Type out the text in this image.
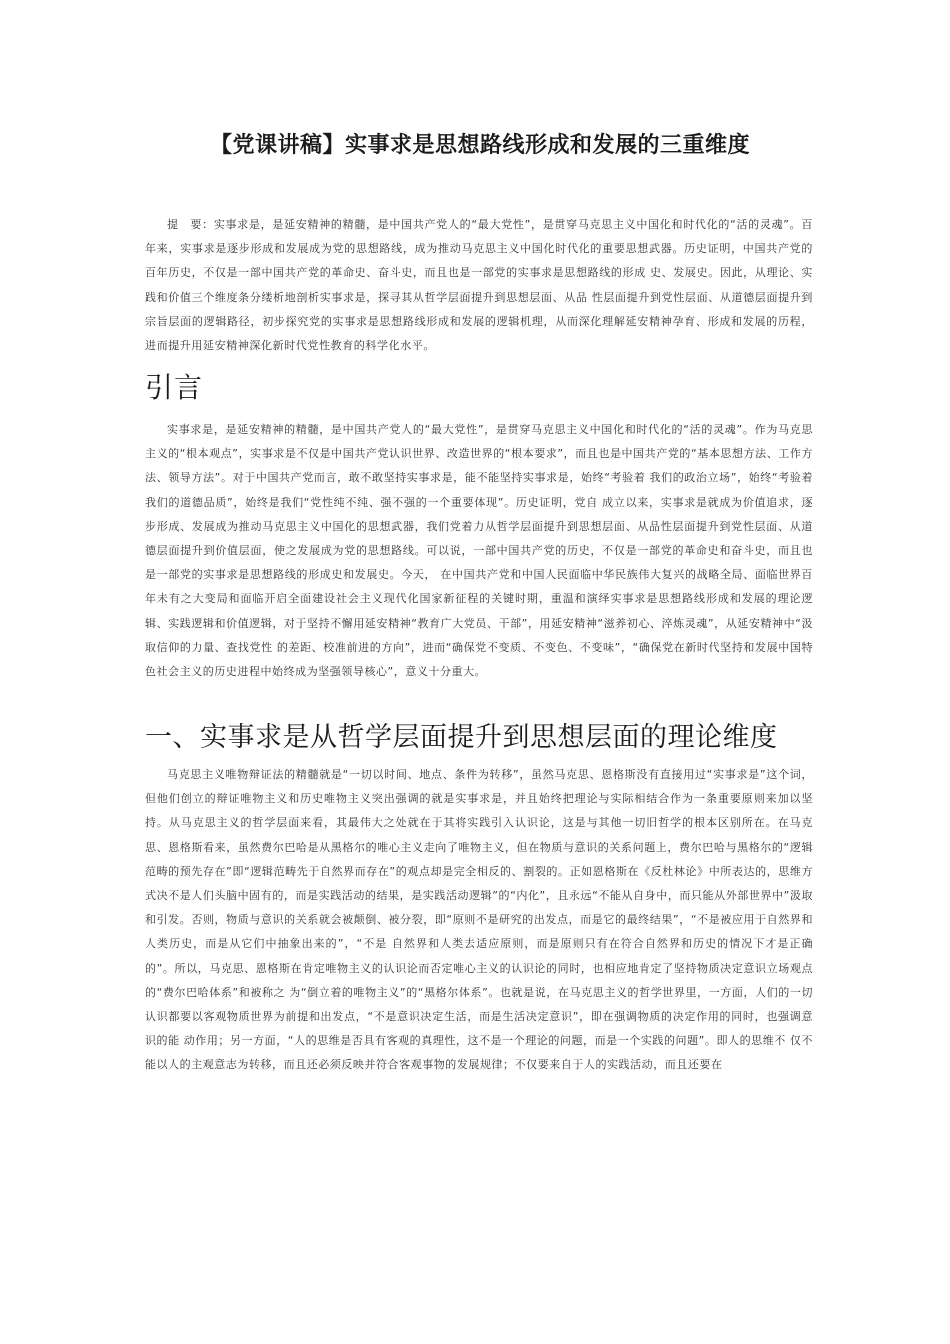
【党课讲稿】实事求是思想路线形成和发展的三重维度

提　要：实事求是，是延安精神的精髓，是中国共产党人的“最大党性”，是贯穿马克思主义中国化和时代化的“活的灵魂”。百年来，实事求是逐步形成和发展成为党的思想路线，成为推动马克思主义中国化时代化的重要思想武器。历史证明，中国共产党的百年历史，不仅是一部中国共产党的革命史、奋斗史，而且也是一部党的实事求是思想路线的形成 史、发展史。因此，从理论、实践和价值三个维度条分缕析地剖析实事求是，探寻其从哲学层面提升到思想层面、从品 性层面提升到党性层面、从道德层面提升到宗旨层面的逻辑路径，初步探究党的实事求是思想路线形成和发展的逻辑机理，从而深化理解延安精神孕育、形成和发展的历程，进而提升用延安精神深化新时代党性教育的科学化水平。

引言

实事求是，是延安精神的精髓，是中国共产党人的“最大党性”，是贯穿马克思主义中国化和时代化的“活的灵魂”。作为马克思主义的“根本观点”，实事求是不仅是中国共产党认识世界、改造世界的“根本要求”，而且也是中国共产党的“基本思想方法、工作方法、领导方法”。对于中国共产党而言，敢不敢坚持实事求是，能不能坚持实事求是，始终“考验着 我们的政治立场”，始终“考验着我们的道德品质”，始终是我们“党性纯不纯、强不强的一个重要体现”。历史证明，党自 成立以来，实事求是就成为价值追求，逐步形成、发展成为推动马克思主义中国化的思想武器，我们党着力从哲学层面提升到思想层面、从品性层面提升到党性层面、从道德层面提升到价值层面，使之发展成为党的思想路线。可以说，一部中国共产党的历史，不仅是一部党的革命史和奋斗史，而且也是一部党的实事求是思想路线的形成史和发展史。今天， 在中国共产党和中国人民面临中华民族伟大复兴的战略全局、面临世界百年未有之大变局和面临开启全面建设社会主义现代化国家新征程的关键时期，重温和演绎实事求是思想路线形成和发展的理论逻辑、实践逻辑和价值逻辑，对于坚持不懈用延安精神“教育广大党员、干部”，用延安精神“滋养初心、淬炼灵魂”，从延安精神中“汲取信仰的力量、查找党性 的差距、校准前进的方向”，进而“确保党不变质、不变色、不变味”，“确保党在新时代坚持和发展中国特色社会主义的历史进程中始终成为坚强领导核心”，意义十分重大。

一、实事求是从哲学层面提升到思想层面的理论维度

马克思主义唯物辩证法的精髓就是“一切以时间、地点、条件为转移”，虽然马克思、恩格斯没有直接用过“实事求是”这个词，但他们创立的辩证唯物主义和历史唯物主义突出强调的就是实事求是，并且始终把理论与实际相结合作为一条重要原则来加以坚持。从马克思主义的哲学层面来看，其最伟大之处就在于其将实践引入认识论，这是与其他一切旧哲学的根本区别所在。在马克思、恩格斯看来，虽然费尔巴哈是从黑格尔的唯心主义走向了唯物主义，但在物质与意识的关系问题上，费尔巴哈与黑格尔的“逻辑范畴的预先存在”即“逻辑范畴先于自然界而存在”的观点却是完全相反的、割裂的。正如恩格斯在《反杜林论》中所表达的，思维方式决不是人们头脑中固有的，而是实践活动的结果，是实践活动逻辑”的“内化”，且永远“不能从自身中，而只能从外部世界中”汲取和引发。否则，物质与意识的关系就会被颠倒、被分裂，即“原则不是研究的出发点，而是它的最终结果”，“不是被应用于自然界和人类历史，而是从它们中抽象出来的”，“不是 自然界和人类去适应原则，而是原则只有在符合自然界和历史的情况下才是正确的”。所以，马克思、恩格斯在肯定唯物主义的认识论而否定唯心主义的认识论的同时，也相应地肯定了坚持物质决定意识立场观点的“费尔巴哈体系”和被称之 为“倒立着的唯物主义”的“黑格尔体系”。也就是说，在马克思主义的哲学世界里，一方面，人们的一切认识都要以客观物质世界为前提和出发点，“不是意识决定生活，而是生活决定意识”，即在强调物质的决定作用的同时，也强调意识的能 动作用；另一方面，“人的思维是否具有客观的真理性，这不是一个理论的问题，而是一个实践的问题”。即人的思维不 仅不能以人的主观意志为转移，而且还必须反映并符合客观事物的发展规律；不仅要来自于人的实践活动，而且还要在
